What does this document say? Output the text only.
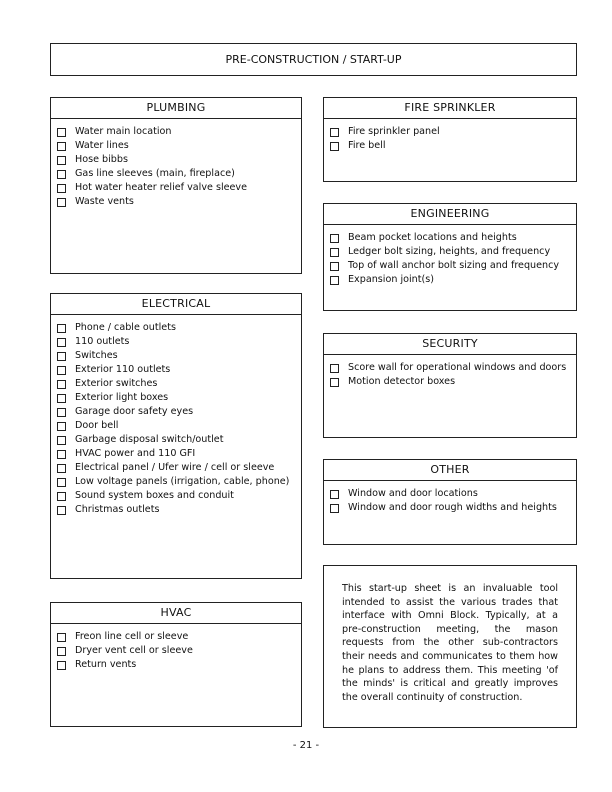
PRE-CONSTRUCTION / START-UP
PLUMBING
Water main location
Water lines
Hose bibbs
Gas line sleeves (main, fireplace)
Hot water heater relief valve sleeve
Waste vents
FIRE SPRINKLER
Fire sprinkler panel
Fire bell
ENGINEERING
Beam pocket locations and heights
Ledger bolt sizing, heights, and frequency
Top of wall anchor bolt sizing and frequency
Expansion joint(s)
ELECTRICAL
Phone / cable outlets
110 outlets
Switches
Exterior 110 outlets
Exterior switches
Exterior light boxes
Garage door safety eyes
Door bell
Garbage disposal switch/outlet
HVAC power and 110 GFI
Electrical panel / Ufer wire / cell or sleeve
Low voltage panels (irrigation, cable, phone)
Sound system boxes and conduit
Christmas outlets
SECURITY
Score wall for operational windows and doors
Motion detector boxes
OTHER
Window and door locations
Window and door rough widths and heights
HVAC
Freon line cell or sleeve
Dryer vent cell or sleeve
Return vents

This start-up sheet is an invaluable tool intended to assist the various trades that interface with Omni Block. Typically, at a pre-construction meeting, the mason requests from the other sub-contractors their needs and communicates to them how he plans to address them. This meeting 'of the minds' is critical and greatly improves the overall continuity of construction.

- 21 -
